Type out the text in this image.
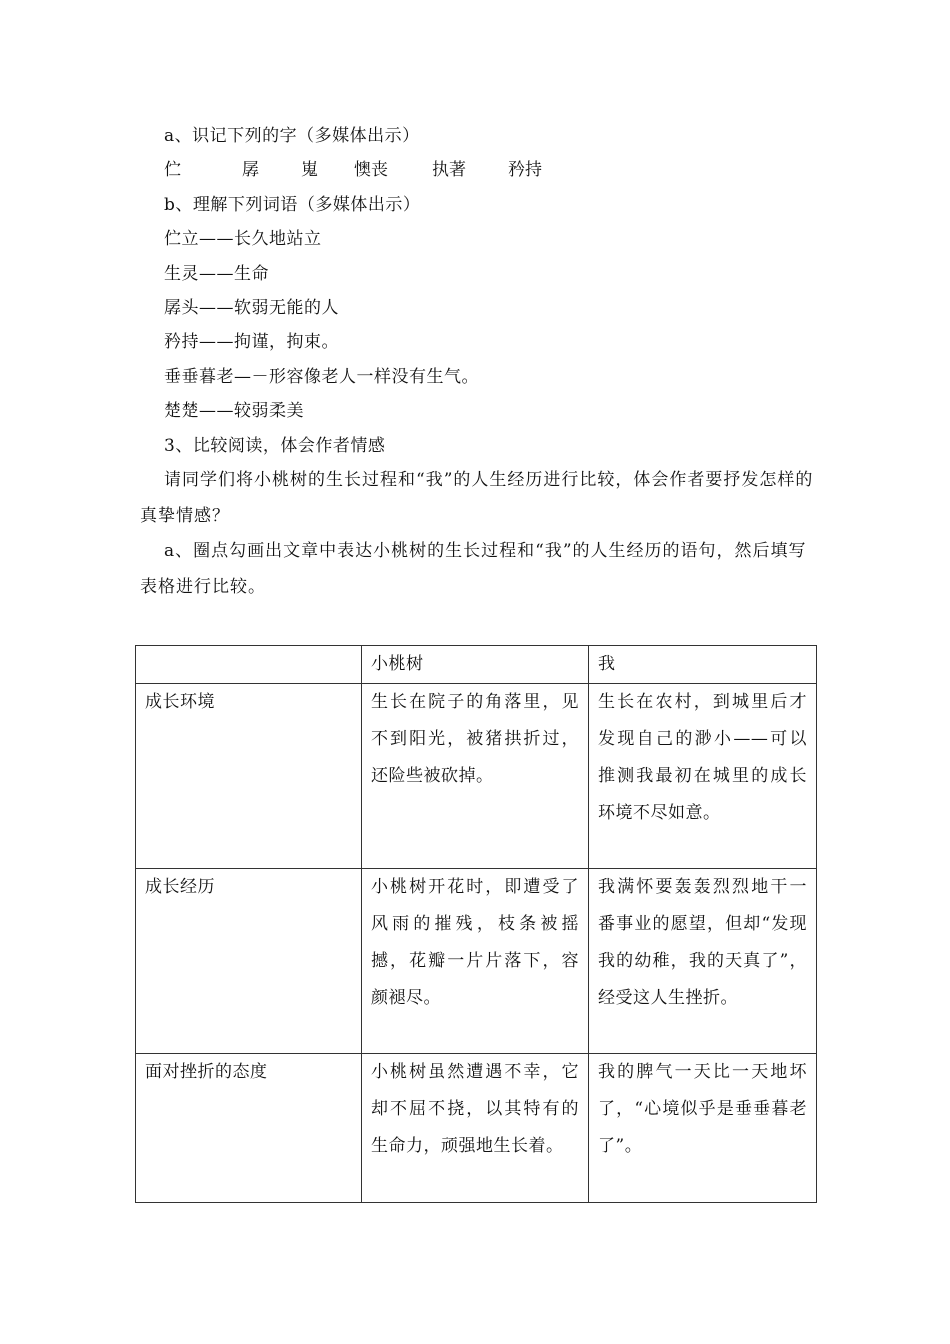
a、识记下列的字（多媒体出示）
伫	孱 嵬 懊丧	执著 矜持
b、理解下列词语（多媒体出示）
伫立——长久地站立
生灵——生命
孱头——软弱无能的人
矜持——拘谨，拘束。
垂垂暮老—－形容像老人一样没有生气。
楚楚——较弱柔美
3、比较阅读，体会作者情感
请同学们将小桃树的生长过程和“我”的人生经历进行比较，体会作者要抒发怎样的真挚情感？
a、圈点勾画出文章中表达小桃树的生长过程和“我”的人生经历的语句，然后填写表格进行比较。
	小桃树	我
成长环境	生长在院子的角落里，见不到阳光，被猪拱折过，还险些被砍掉。	生长在农村，到城里后才发现自己的渺小——可以推测我最初在城里的成长环境不尽如意。
成长经历	小桃树开花时，即遭受了风雨的摧残，枝条被摇撼，花瓣一片片落下，容颜褪尽。	我满怀要轰轰烈烈地干一番事业的愿望，但却“发现我的幼稚，我的天真了”，经受这人生挫折。
面对挫折的态度	小桃树虽然遭遇不幸，它却不屈不挠，以其特有的生命力，顽强地生长着。	我的脾气一天比一天地坏了，“心境似乎是垂垂暮老了”。
